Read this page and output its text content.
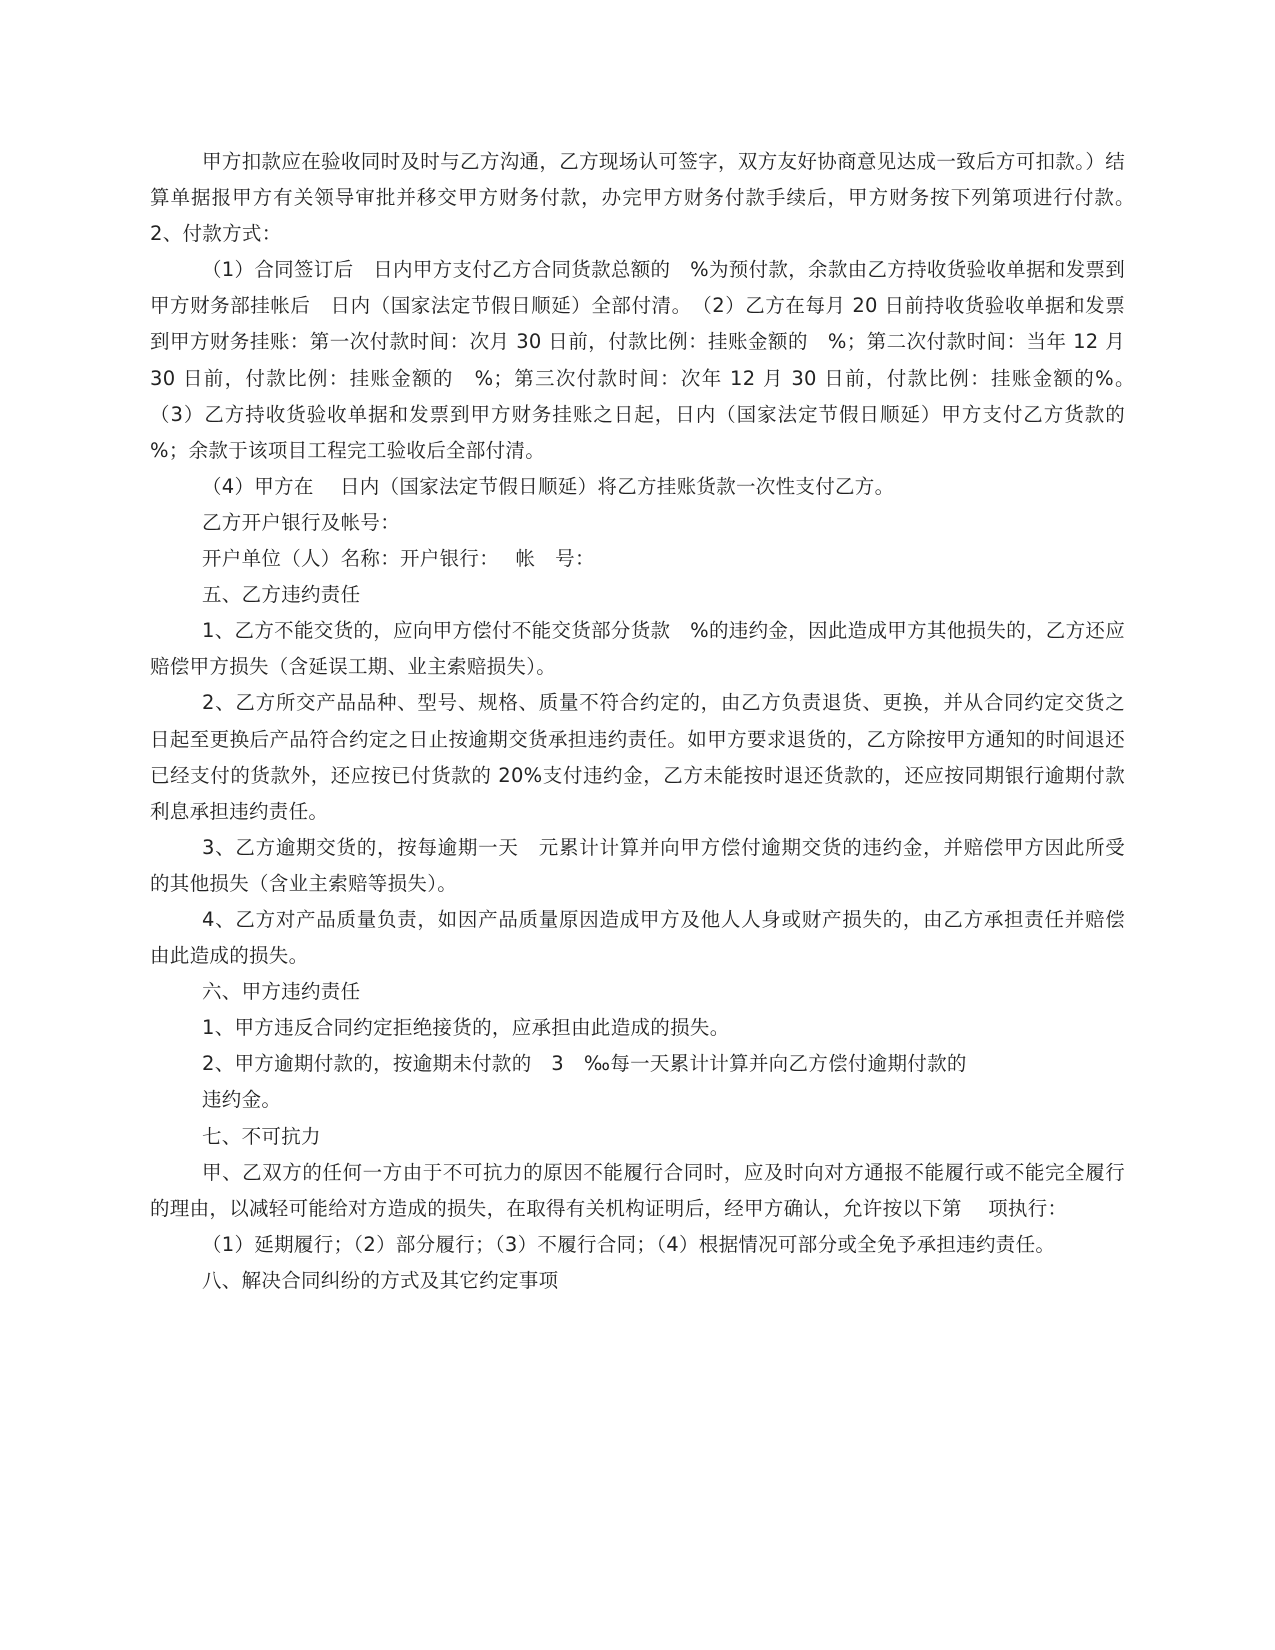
甲方扣款应在验收同时及时与乙方沟通，乙方现场认可签字，双方友好协商意见达成一致后方可扣款。）结算单据报甲方有关领导审批并移交甲方财务付款，办完甲方财务付款手续后，甲方财务按下列第项进行付款。　2、付款方式：

（1）合同签订后　日内甲方支付乙方合同货款总额的　%为预付款，余款由乙方持收货验收单据和发票到甲方财务部挂帐后　日内（国家法定节假日顺延）全部付清。　（2）乙方在每月 20 日前持收货验收单据和发票到甲方财务挂账：第一次付款时间：次月 30 日前，付款比例：挂账金额的　%；第二次付款时间：当年 12 月 30 日前，付款比例：挂账金额的　%；第三次付款时间：次年 12 月 30 日前，付款比例：挂账金额的%。　（3）乙方持收货验收单据和发票到甲方财务挂账之日起，日内（国家法定节假日顺延）甲方支付乙方货款的　%；余款于该项目工程完工验收后全部付清。

（4）甲方在　 日内（国家法定节假日顺延）将乙方挂账货款一次性支付乙方。

乙方开户银行及帐号：

开户单位（人）名称：开户银行：　 帐　号：

五、乙方违约责任

1、乙方不能交货的，应向甲方偿付不能交货部分货款　%的违约金，因此造成甲方其他损失的，乙方还应赔偿甲方损失（含延误工期、业主索赔损失）。

2、乙方所交产品品种、型号、规格、质量不符合约定的，由乙方负责退货、更换，并从合同约定交货之日起至更换后产品符合约定之日止按逾期交货承担违约责任。如甲方要求退货的，乙方除按甲方通知的时间退还已经支付的货款外，还应按已付货款的 20%支付违约金，乙方未能按时退还货款的，还应按同期银行逾期付款利息承担违约责任。

3、乙方逾期交货的，按每逾期一天　元累计计算并向甲方偿付逾期交货的违约金，并赔偿甲方因此所受的其他损失（含业主索赔等损失）。

4、乙方对产品质量负责，如因产品质量原因造成甲方及他人人身或财产损失的，由乙方承担责任并赔偿由此造成的损失。

六、甲方违约责任

1、甲方违反合同约定拒绝接货的，应承担由此造成的损失。

2、甲方逾期付款的，按逾期未付款的　3　‰每一天累计计算并向乙方偿付逾期付款的

违约金。

七、不可抗力

甲、乙双方的任何一方由于不可抗力的原因不能履行合同时，应及时向对方通报不能履行或不能完全履行的理由，以减轻可能给对方造成的损失，在取得有关机构证明后，经甲方确认，允许按以下第　 项执行：

（1）延期履行；（2）部分履行；（3）不履行合同；（4）根据情况可部分或全免予承担违约责任。

八、解决合同纠纷的方式及其它约定事项
